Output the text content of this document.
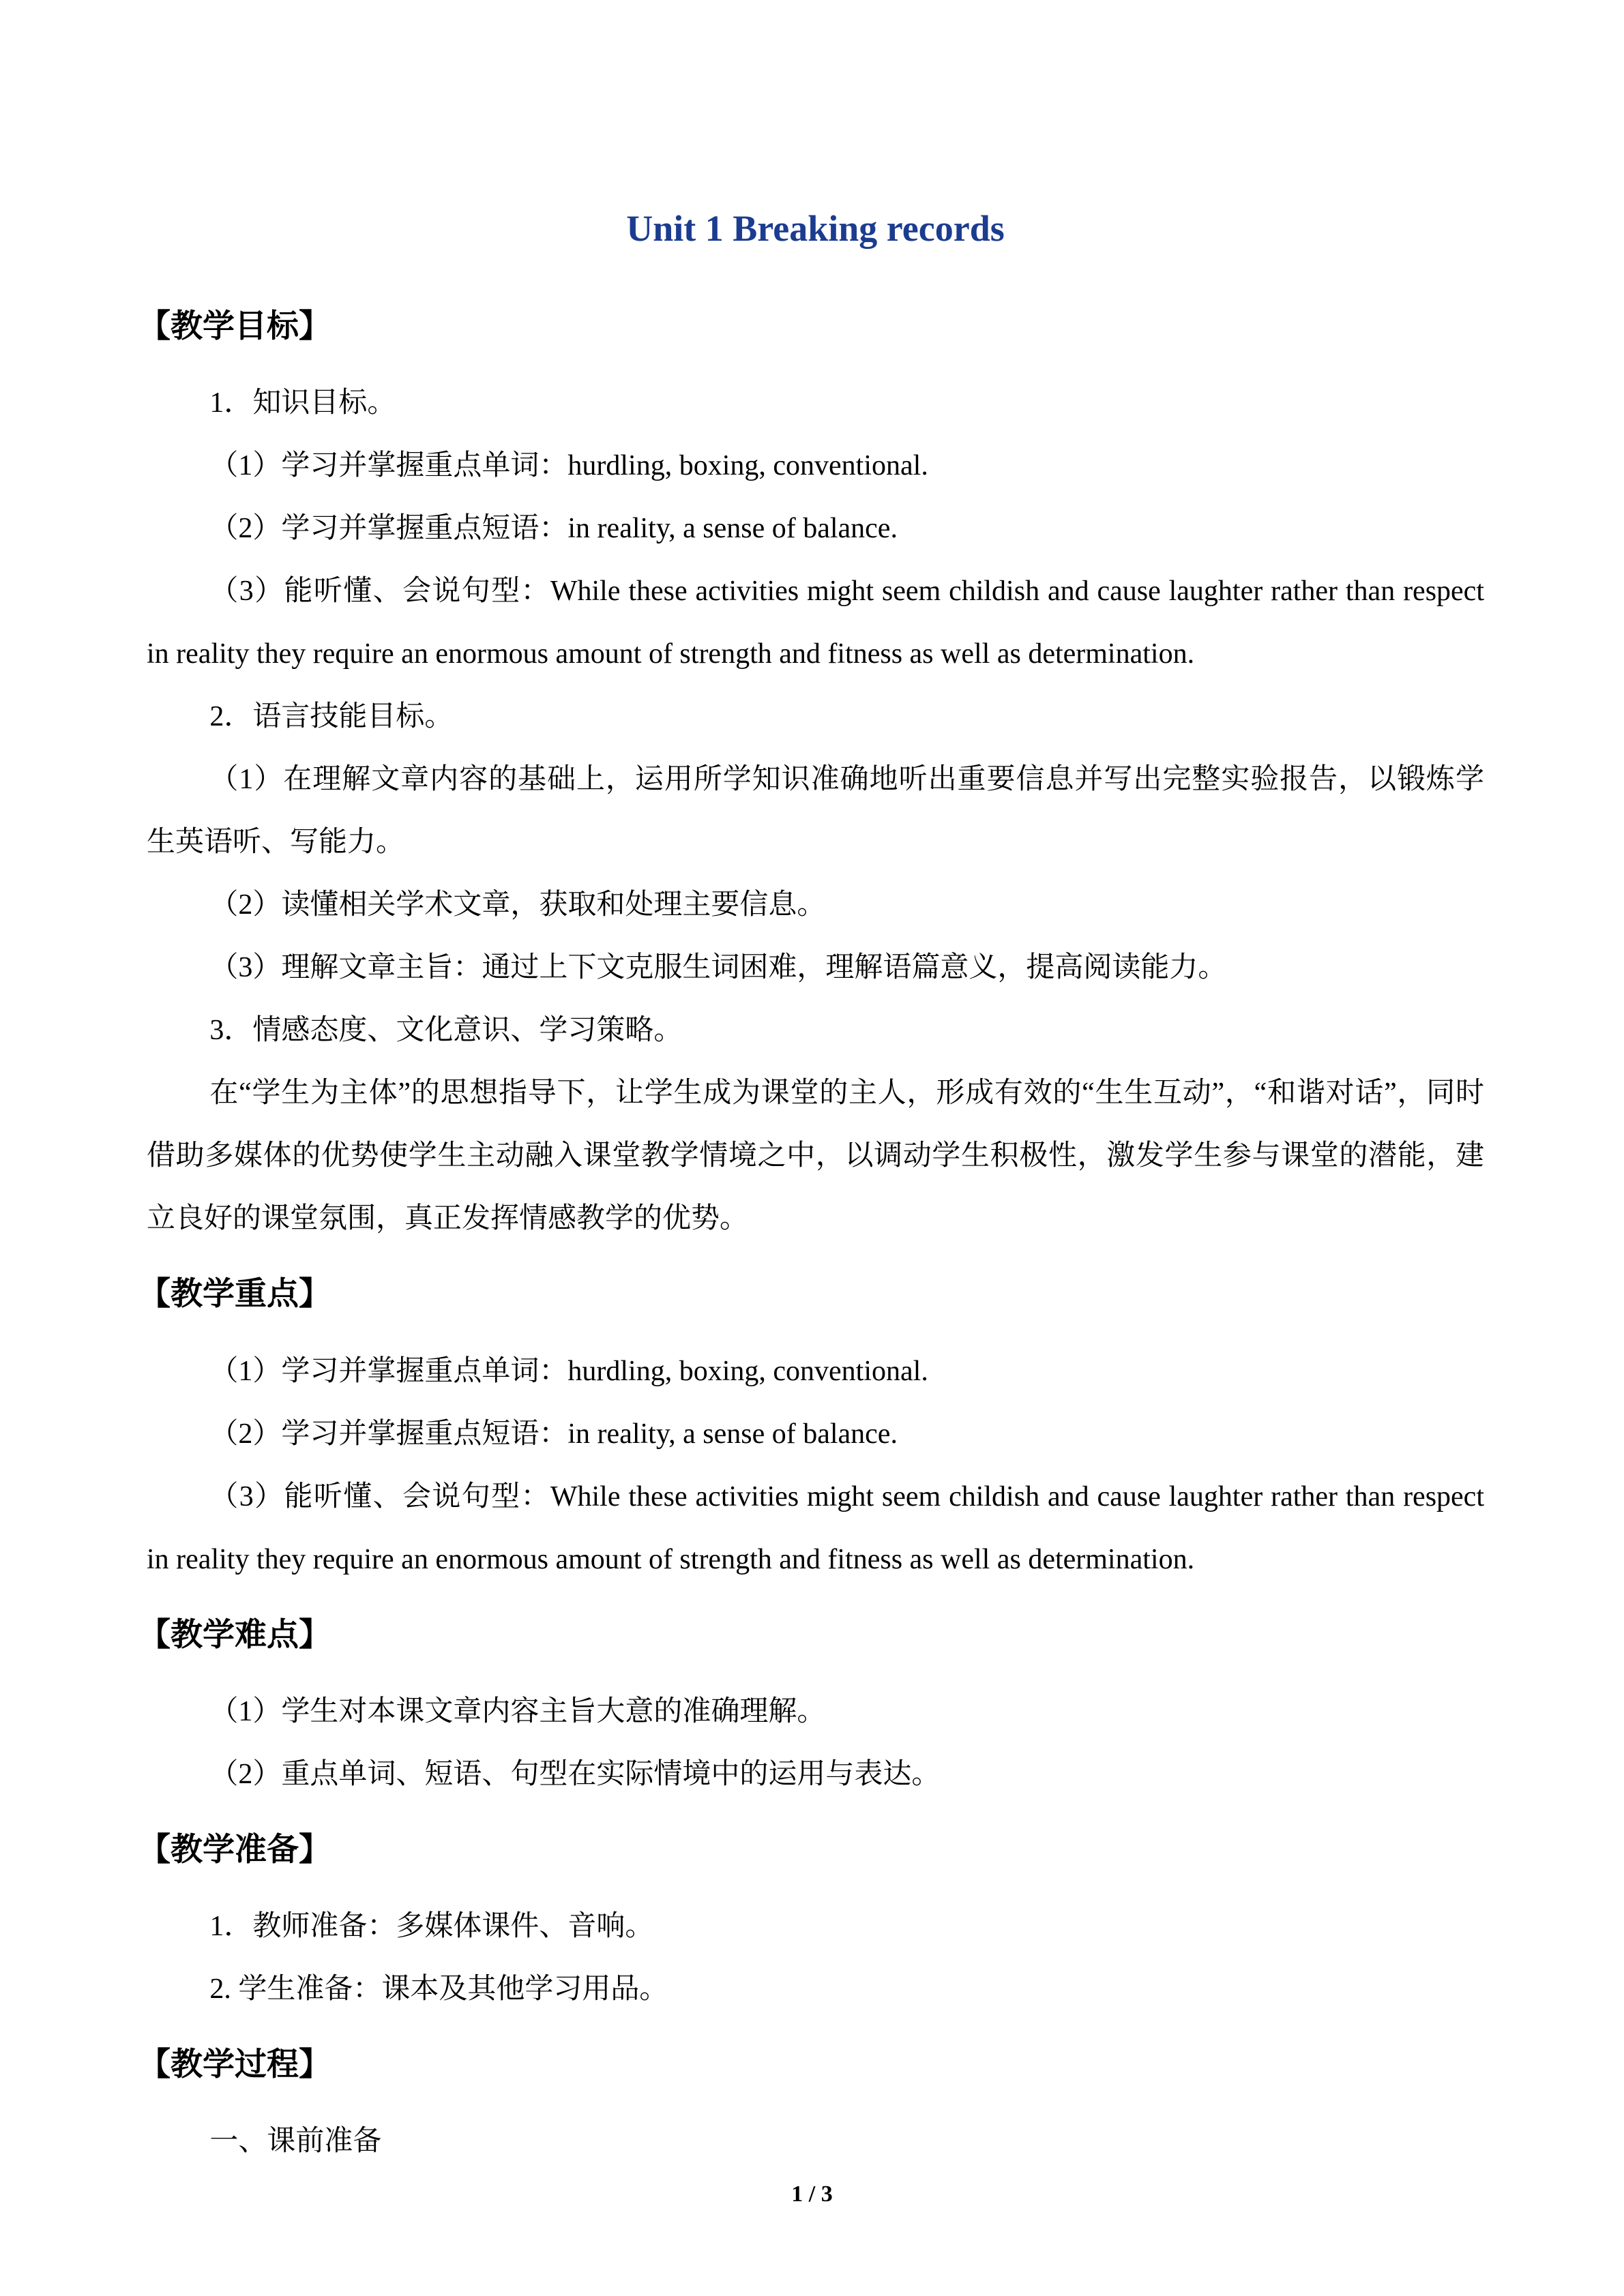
Unit 1 Breaking records
【教学目标】

1．知识目标。

（1）学习并掌握重点单词：hurdling, boxing, conventional.

（2）学习并掌握重点短语：in reality, a sense of balance.

（3）能听懂、会说句型：While these activities might seem childish and cause laughter rather than respect in reality they require an enormous amount of strength and fitness as well as determination.

2．语言技能目标。

（1）在理解文章内容的基础上，运用所学知识准确地听出重要信息并写出完整实验报告，以锻炼学生英语听、写能力。

（2）读懂相关学术文章，获取和处理主要信息。

（3）理解文章主旨：通过上下文克服生词困难，理解语篇意义，提高阅读能力。

3．情感态度、文化意识、学习策略。

在“学生为主体”的思想指导下，让学生成为课堂的主人，形成有效的“生生互动”，“和谐对话”，同时借助多媒体的优势使学生主动融入课堂教学情境之中，以调动学生积极性，激发学生参与课堂的潜能，建立良好的课堂氛围，真正发挥情感教学的优势。

【教学重点】

（1）学习并掌握重点单词：hurdling, boxing, conventional.

（2）学习并掌握重点短语：in reality, a sense of balance.

（3）能听懂、会说句型：While these activities might seem childish and cause laughter rather than respect in reality they require an enormous amount of strength and fitness as well as determination.

【教学难点】

（1）学生对本课文章内容主旨大意的准确理解。

（2）重点单词、短语、句型在实际情境中的运用与表达。

【教学准备】

1．教师准备：多媒体课件、音响。

2. 学生准备：课本及其他学习用品。

【教学过程】

一、课前准备

1 / 3
